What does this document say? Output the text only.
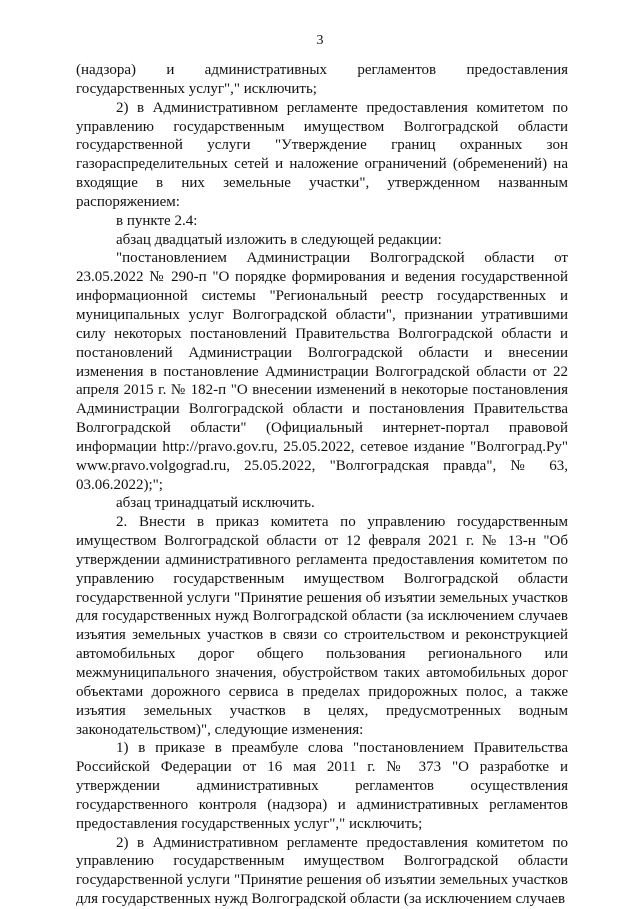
3

(надзора) и административных регламентов предоставления государственных услуг"," исключить;

2) в Административном регламенте предоставления комитетом по управлению государственным имуществом Волгоградской области государственной услуги "Утверждение границ охранных зон газораспределительных сетей и наложение ограничений (обременений) на входящие в них земельные участки", утвержденном названным распоряжением:

в пункте 2.4:

абзац двадцатый изложить в следующей редакции:

"постановлением Администрации Волгоградской области от 23.05.2022 № 290-п "О порядке формирования и ведения государственной информационной системы "Региональный реестр государственных и муниципальных услуг Волгоградской области", признании утратившими силу некоторых постановлений Правительства Волгоградской области и постановлений Администрации Волгоградской области и внесении изменения в постановление Администрации Волгоградской области от 22 апреля 2015 г. № 182-п "О внесении изменений в некоторые постановления Администрации Волгоградской области и постановления Правительства Волгоградской области" (Официальный интернет-портал правовой информации http://pravo.gov.ru, 25.05.2022, сетевое издание "Волгоград.Ру" www.pravo.volgograd.ru, 25.05.2022, "Волгоградская правда", № 63, 03.06.2022);";

абзац тринадцатый исключить.

2. Внести в приказ комитета по управлению государственным имуществом Волгоградской области от 12 февраля 2021 г. № 13-н "Об утверждении административного регламента предоставления комитетом по управлению государственным имуществом Волгоградской области государственной услуги "Принятие решения об изъятии земельных участков для государственных нужд Волгоградской области (за исключением случаев изъятия земельных участков в связи со строительством и реконструкцией автомобильных дорог общего пользования регионального или межмуниципального значения, обустройством таких автомобильных дорог объектами дорожного сервиса в пределах придорожных полос, а также изъятия земельных участков в целях, предусмотренных водным законодательством)", следующие изменения:

1) в приказе в преамбуле слова "постановлением Правительства Российской Федерации от 16 мая 2011 г. № 373 "О разработке и утверждении административных регламентов осуществления государственного контроля (надзора) и административных регламентов предоставления государственных услуг"," исключить;

2) в Административном регламенте предоставления комитетом по управлению государственным имуществом Волгоградской области государственной услуги "Принятие решения об изъятии земельных участков для государственных нужд Волгоградской области (за исключением случаев
